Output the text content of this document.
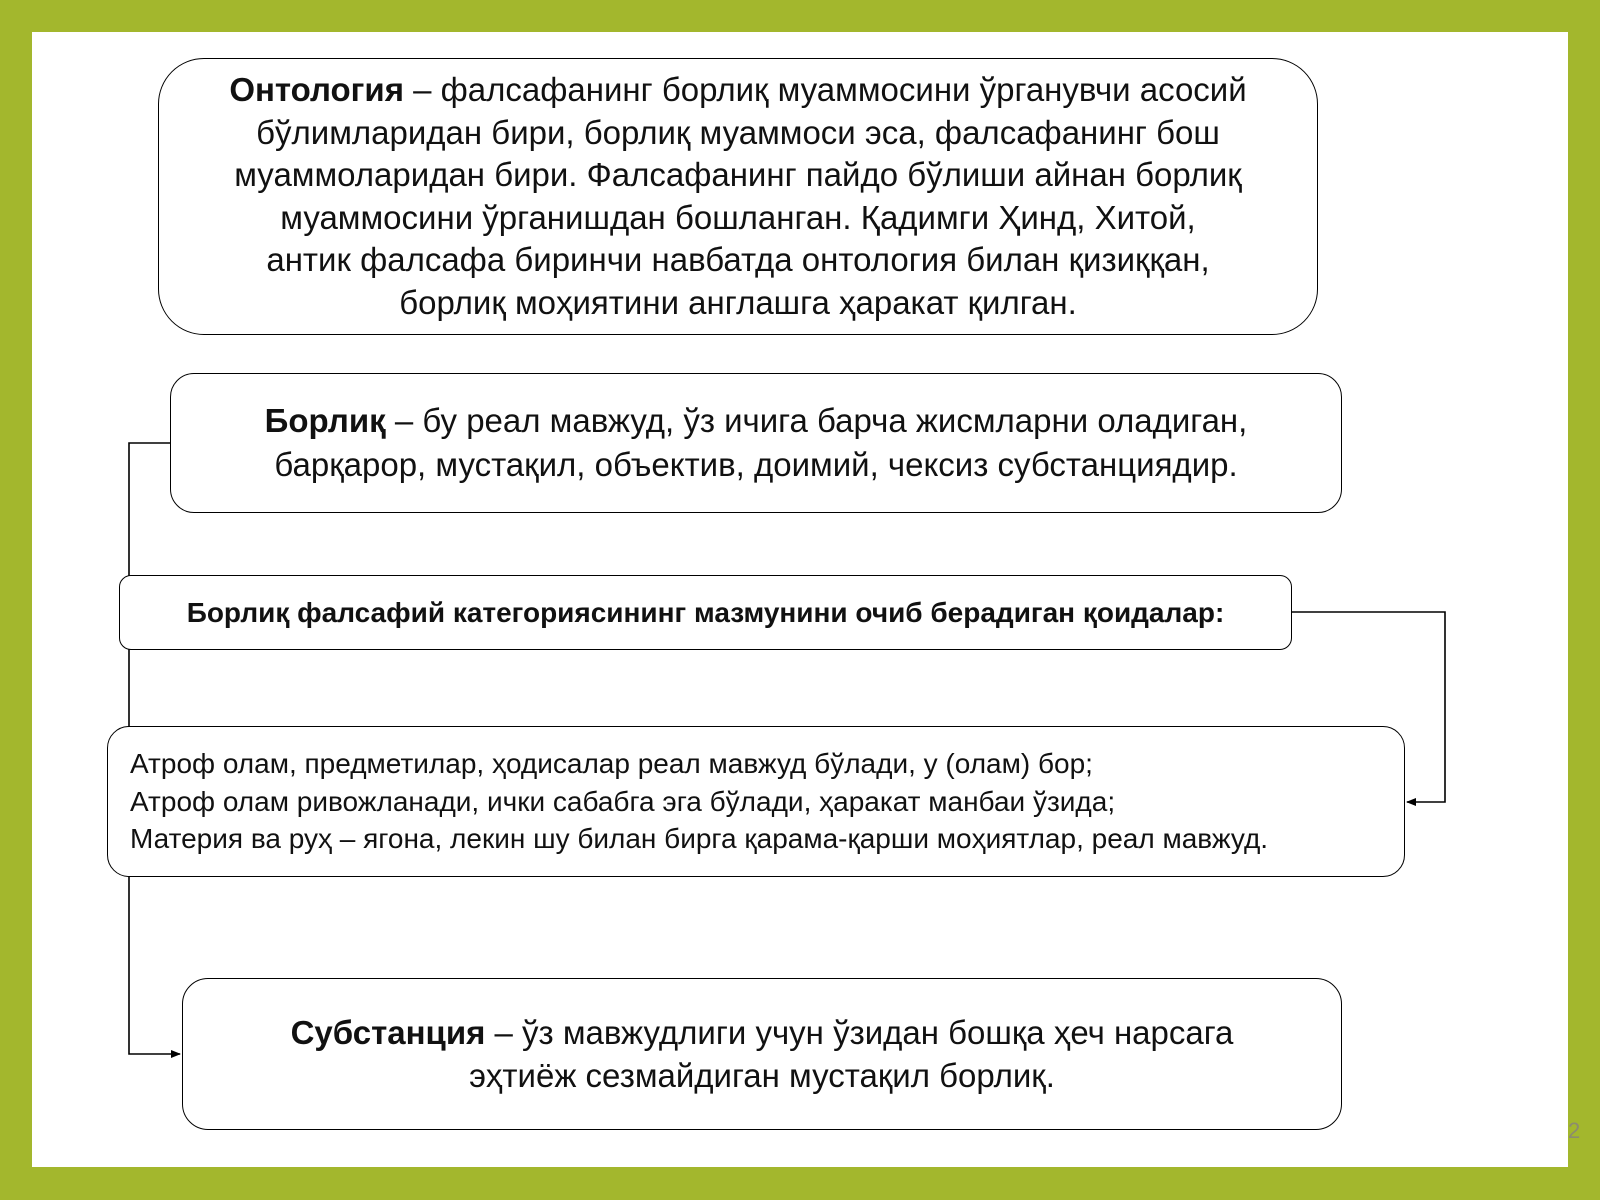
Онтология – фалсафанинг борлиқ муаммосини ўрганувчи асосий
бўлимларидан бири, борлиқ муаммоси эса, фалсафанинг бош
муаммоларидан бири. Фалсафанинг пайдо бўлиши айнан борлиқ
муаммосини ўрганишдан бошланган. Қадимги Ҳинд, Хитой,
антик фалсафа биринчи навбатда онтология билан қизиққан,
борлиқ моҳиятини англашга ҳаракат қилган.
Борлиқ – бу реал мавжуд, ўз ичига барча жисмларни оладиган,
барқарор, мустақил, объектив, доимий, чексиз субстанциядир.
Борлиқ фалсафий категориясининг мазмунини очиб берадиган қоидалар:
Атроф олам, предметилар, ҳодисалар реал мавжуд бўлади, у (олам) бор;
Атроф олам ривожланади, ички сабабга эга бўлади, ҳаракат манбаи ўзида;
Материя ва руҳ – ягона, лекин шу билан бирга қарама-қарши моҳиятлар, реал мавжуд.
Субстанция – ўз мавжудлиги учун ўзидан бошқа ҳеч нарсага
эҳтиёж сезмайдиган мустақил борлиқ.
2
